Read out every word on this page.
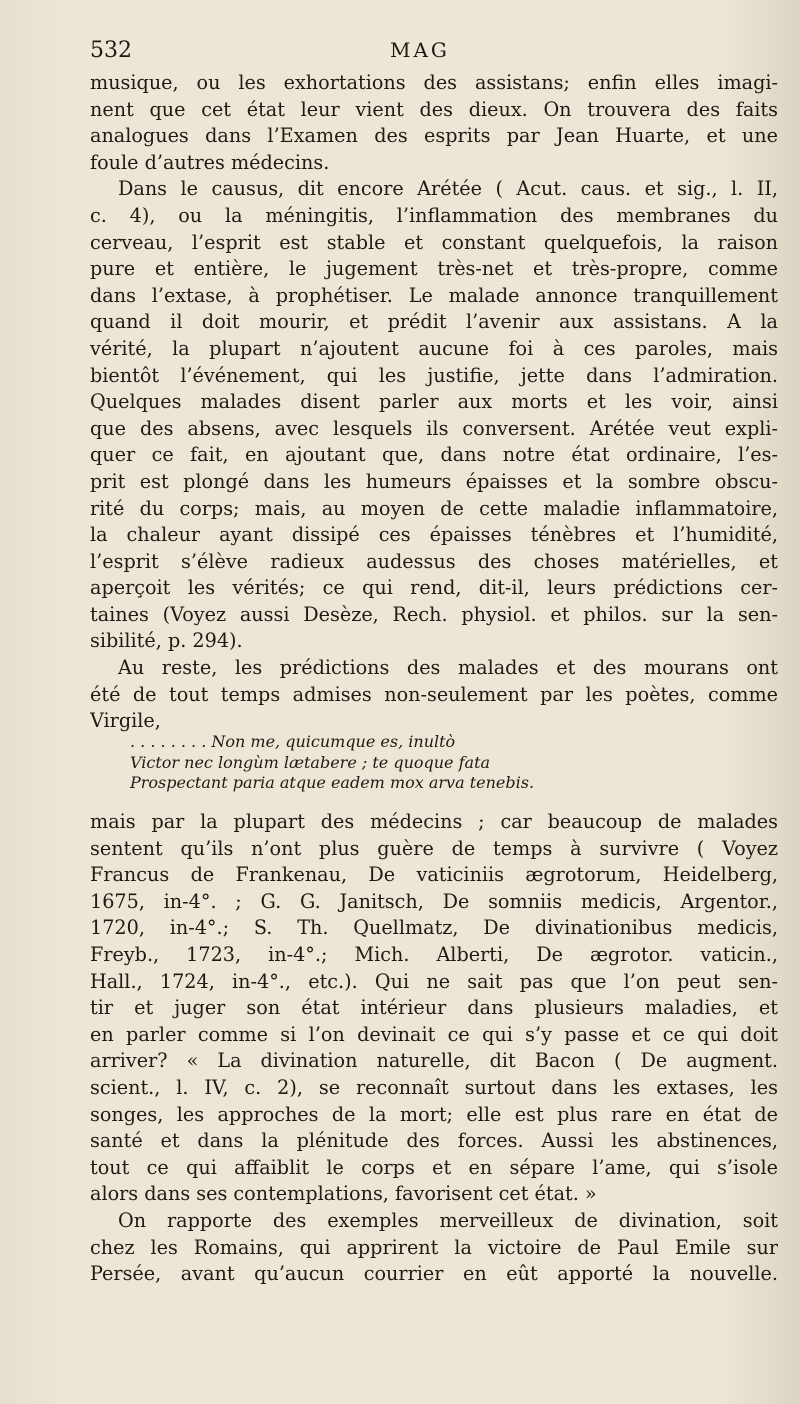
532	MAG
musique, ou les exhortations des assistans; enfin elles imagi-
nent que cet état leur vient des dieux. On trouvera des faits
analogues dans l’Examen des esprits par Jean Huarte, et une
foule d’autres médecins.
Dans le causus, dit encore Arétée ( Acut. caus. et sig., l. II,
c. 4), ou la méningitis, l’inflammation des membranes du
cerveau, l’esprit est stable et constant quelquefois, la raison
pure et entière, le jugement très-net et très-propre, comme
dans l’extase, à prophétiser. Le malade annonce tranquillement
quand il doit mourir, et prédit l’avenir aux assistans. A la
vérité, la plupart n’ajoutent aucune foi à ces paroles, mais
bientôt l’événement, qui les justifie, jette dans l’admiration.
Quelques malades disent parler aux morts et les voir, ainsi
que des absens, avec lesquels ils conversent. Arétée veut expli-
quer ce fait, en ajoutant que, dans notre état ordinaire, l’es-
prit est plongé dans les humeurs épaisses et la sombre obscu-
rité du corps; mais, au moyen de cette maladie inflammatoire,
la chaleur ayant dissipé ces épaisses ténèbres et l’humidité,
l’esprit s’élève radieux audessus des choses matérielles, et
aperçoit les vérités; ce qui rend, dit-il, leurs prédictions cer-
taines (Voyez aussi Desèze, Rech. physiol. et philos. sur la sen-
sibilité, p. 294).
Au reste, les prédictions des malades et des mourans ont
été de tout temps admises non-seulement par les poètes, comme
Virgile,
. . . . . . . . Non me, quicumque es, inultò
Victor nec longùm lætabere ; te quoque fata
Prospectant paria atque eadem mox arva tenebis.
mais par la plupart des médecins ; car beaucoup de malades
sentent qu’ils n’ont plus guère de temps à survivre ( Voyez
Francus de Frankenau, De vaticiniis ægrotorum, Heidelberg,
1675, in-4°. ; G. G. Janitsch, De somniis medicis, Argentor.,
1720, in-4°.; S. Th. Quellmatz, De divinationibus medicis,
Freyb., 1723, in-4°.; Mich. Alberti, De ægrotor. vaticin.,
Hall., 1724, in-4°., etc.). Qui ne sait pas que l’on peut sen-
tir et juger son état intérieur dans plusieurs maladies, et
en parler comme si l’on devinait ce qui s’y passe et ce qui doit
arriver? « La divination naturelle, dit Bacon ( De augment.
scient., l. IV, c. 2), se reconnaît surtout dans les extases, les
songes, les approches de la mort; elle est plus rare en état de
santé et dans la plénitude des forces. Aussi les abstinences,
tout ce qui affaiblit le corps et en sépare l’ame, qui s’isole
alors dans ses contemplations, favorisent cet état. »
On rapporte des exemples merveilleux de divination, soit
chez les Romains, qui apprirent la victoire de Paul Emile sur
Persée, avant qu’aucun courrier en eût apporté la nouvelle.
